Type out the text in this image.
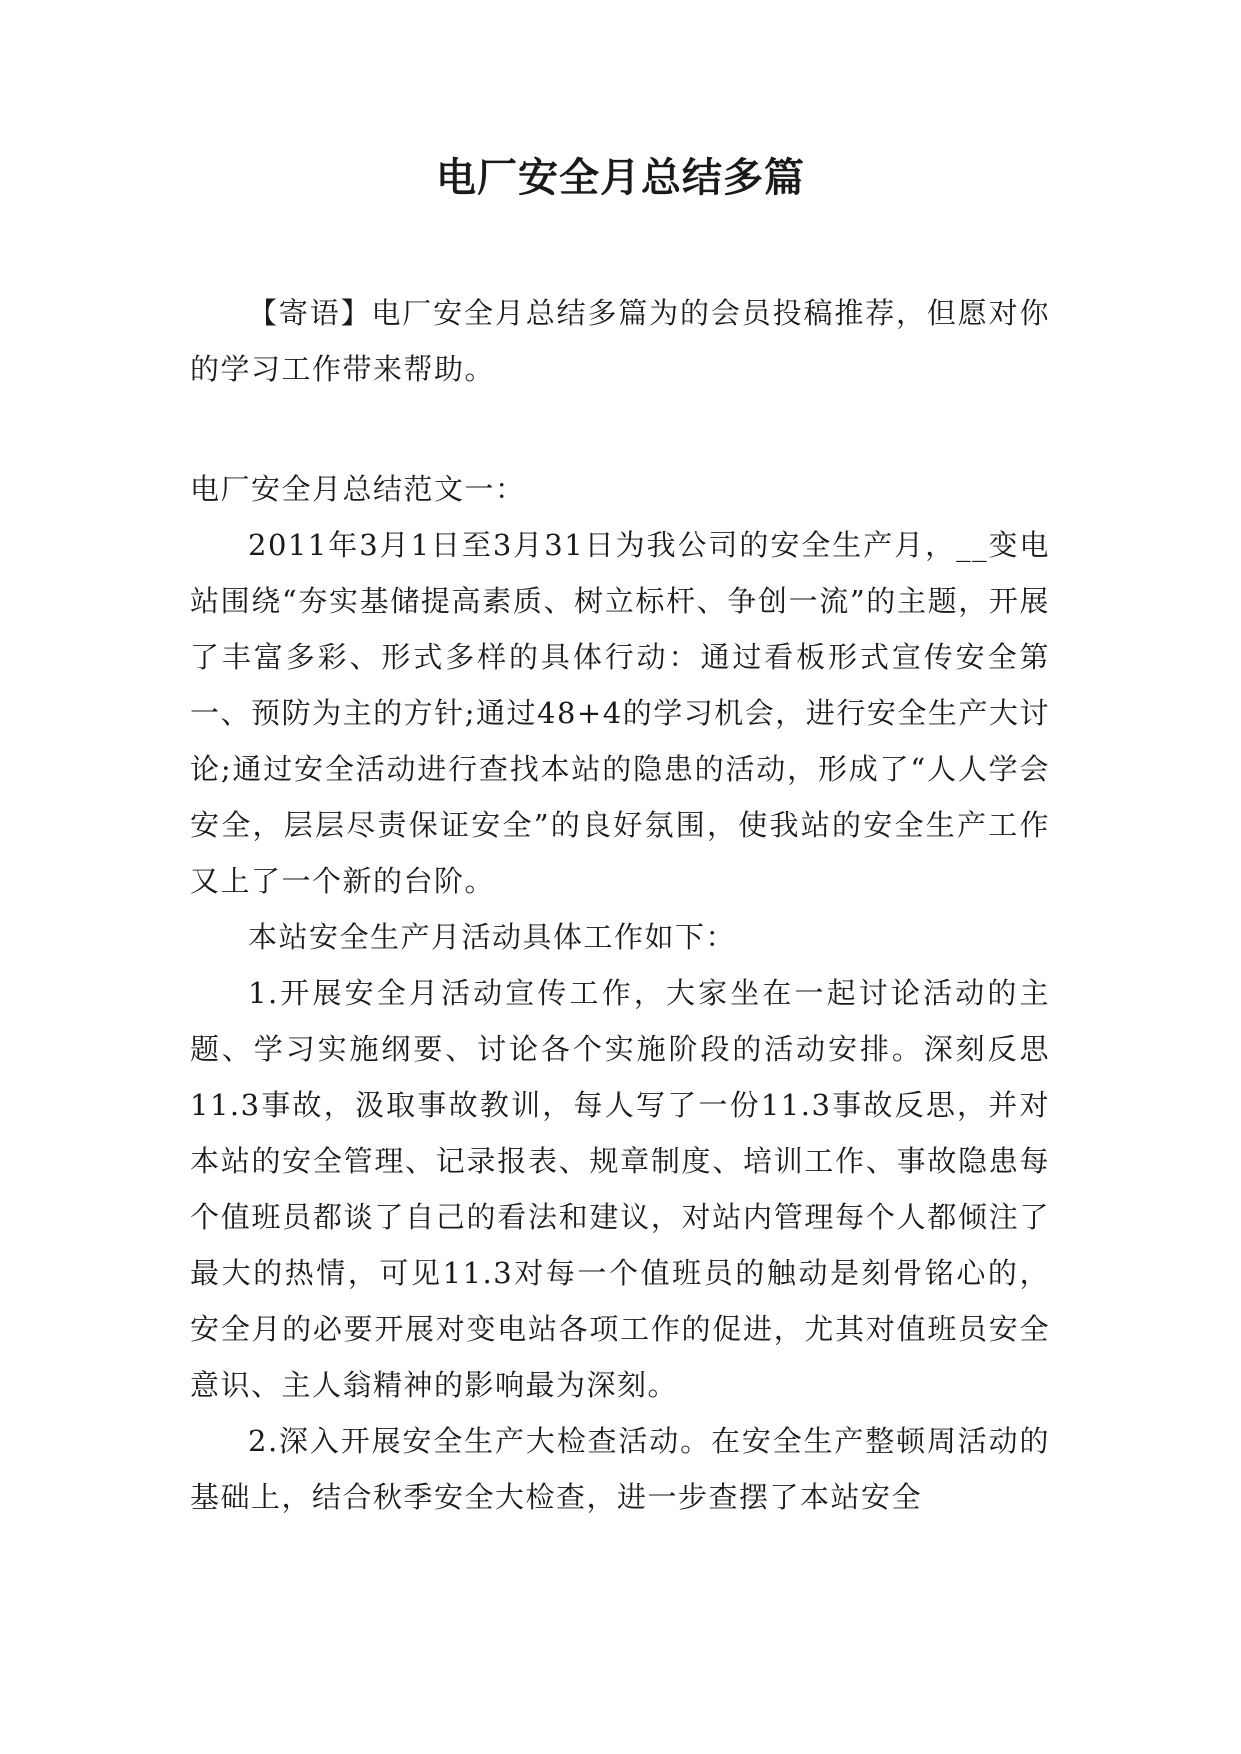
电厂安全月总结多篇

【寄语】电厂安全月总结多篇为的会员投稿推荐，但愿对你的学习工作带来帮助。

电厂安全月总结范文一：

2011年3月1日至3月31日为我公司的安全生产月，__变电站围绕“夯实基储提高素质、树立标杆、争创一流”的主题，开展了丰富多彩、形式多样的具体行动：通过看板形式宣传安全第一、预防为主的方针;通过48+4的学习机会，进行安全生产大讨论;通过安全活动进行查找本站的隐患的活动，形成了“人人学会安全，层层尽责保证安全”的良好氛围，使我站的安全生产工作又上了一个新的台阶。

本站安全生产月活动具体工作如下：

1.开展安全月活动宣传工作，大家坐在一起讨论活动的主题、学习实施纲要、讨论各个实施阶段的活动安排。深刻反思11.3事故，汲取事故教训，每人写了一份11.3事故反思，并对本站的安全管理、记录报表、规章制度、培训工作、事故隐患每个值班员都谈了自己的看法和建议，对站内管理每个人都倾注了最大的热情，可见11.3对每一个值班员的触动是刻骨铭心的，安全月的必要开展对变电站各项工作的促进，尤其对值班员安全意识、主人翁精神的影响最为深刻。

2.深入开展安全生产大检查活动。在安全生产整顿周活动的基础上，结合秋季安全大检查，进一步查摆了本站安全
